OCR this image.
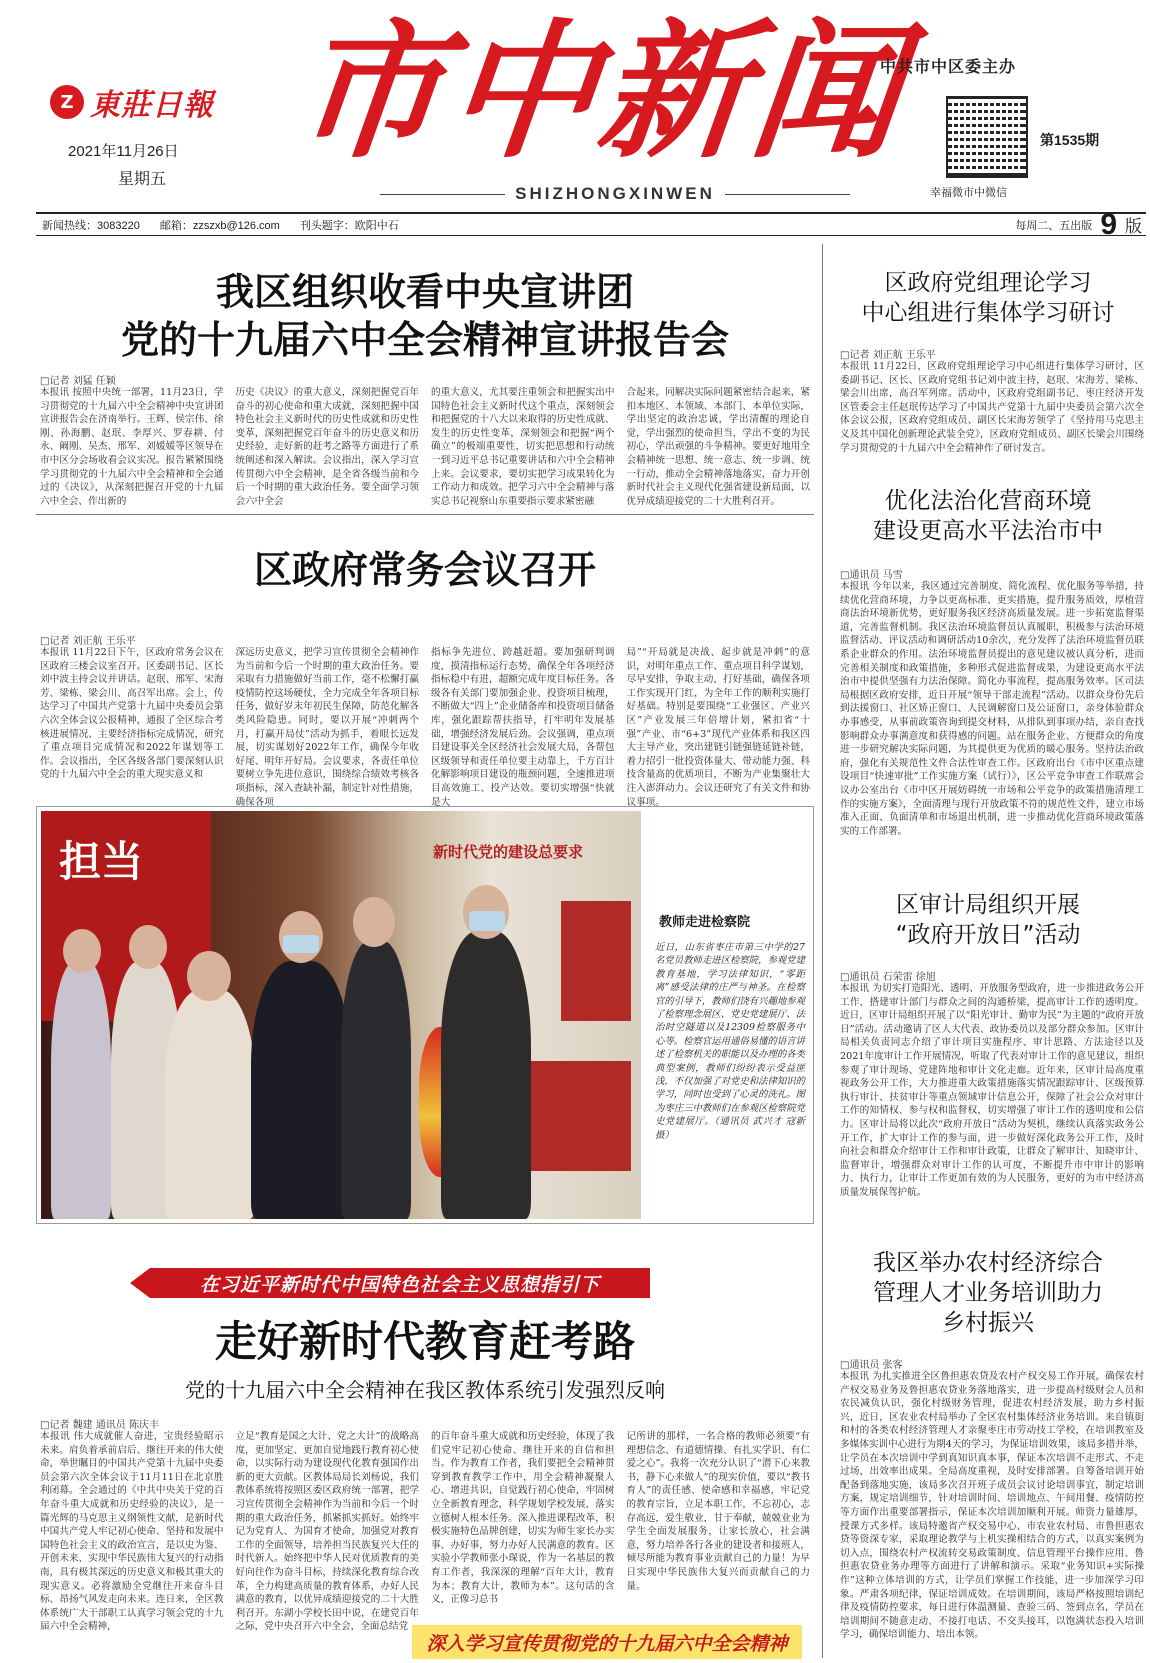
Z 東莊日報
2021年11月26日
星期五
市中新闻
SHIZHONGXINWEN
中共市中区委主办
第1535期
幸福微市中微信
新闻热线：3083220 邮箱：zzszxb@126.com 刊头题字：欧阳中石	每周二、五出版 9 版
我区组织收看中央宣讲团
党的十九届六中全会精神宣讲报告会
□记者 刘猛 任颖
本报讯 按照中央统一部署，11月23日，学习贯彻党的十九届六中全会精神中央宣讲团宣讲报告会在济南举行。王辉、侯宗伟、徐刚、孙海鹏、赵珉、李厚兴、罗春耕、付永、阚刚、吴杰、邢军、刘媛媛等区领导在市中区分会场收看会议实况。报告紧紧围绕学习贯彻党的十九届六中全会精神和全会通过的《决议》，从深刻把握召开党的十九届六中全会、作出新的
历史《决议》的重大意义，深刻把握党百年奋斗的初心使命和重大成就，深刻把握中国特色社会主义新时代的历史性成就和历史性变革，深刻把握党百年奋斗的历史意义和历史经验，走好新的赶考之路等方面进行了系统阐述和深入解读。会议指出，深入学习宣传贯彻六中全会精神，是全省各级当前和今后一个时期的重大政治任务。要全面学习领会六中全会
的重大意义，尤其要注重领会和把握实出中国特色社会主义新时代这个重点，深刻领会和把握党的十八大以来取得的历史性成就、发生的历史性变革，深刻领会和把握“两个确立”的极端重要性，切实把思想和行动统一到习近平总书记重要讲话和六中全会精神上来。会议要求，要切实把学习成果转化为工作动力和成效。把学习六中全会精神与落实总书记视察山东重要指示要求紧密融
合起来，同解决实际问题紧密结合起来，紧扣本地区、本领域、本部门、本单位实际，学出坚定的政治忠诚，学出清醒的理论自觉，学出强烈的使命担当，学出不变的为民初心，学出顽强的斗争精神。要更好地用全会精神统一思想、统一意志、统一步调、统一行动，推动全会精神落地落实，奋力开创新时代社会主义现代化强省建设新局面，以优异成绩迎接党的二十大胜利召开。
区政府常务会议召开
□记者 刘正航 王乐平
本报讯 11月22日下午，区政府常务会议在区政府三楼会议室召开。区委副书记、区长刘中波主持会议并讲话。赵珉、邢军、宋海芳、梁栋、梁会川、高召军出席。会上，传达学习了中国共产党第十九届中央委员会第六次全体会议公报精神，通报了全区综合考核进展情况、主要经济指标完成情况，研究了重点项目完成情况和2022年谋划等工作。会议指出，全区各级各部门要深刻认识党的十九届六中全会的重大现实意义和
深远历史意义，把学习宣传贯彻全会精神作为当前和今后一个时期的重大政治任务。要采取有力措施做好当前工作，毫不松懈打赢疫情防控这场硬仗，全力完成全年各项目标任务，做好岁末年初民生保障，防范化解各类风险隐患。同时，要以开展“冲刺两个月，打赢开局仗”活动为抓手，着眼长远发展，切实谋划好2022年工作，确保今年收好尾、明年开好局。会议要求，各责任单位要树立争先进位意识，围绕综合绩效考核各项指标，深入查缺补漏，制定针对性措施，确保各项
指标争先进位、跨越赶超。要加强研判调度，摸清指标运行态势，确保全年各项经济指标稳中有进，超额完成年度目标任务。各级各有关部门要加强企业、投资项目梳理，不断做大“四上”企业储备库和投资项目储备库，强化跟踪帮扶指导，打牢明年发展基础，增强经济发展后劲。会议强调，重点项目建设事关全区经济社会发展大局，各帮包区级领导和责任单位要主动靠上，千方百计化解影响项目建设的瓶颈问题，全速推进项目高效施工、投产达效。要切实增强“快就是大
局”“开局就是决战、起步就是冲刺”的意识，对明年重点工作、重点项目科学谋划，尽早安排，争取主动，打好基础，确保各项工作实现开门红，为全年工作的顺利实施打好基础。特别是要围绕“工业强区、产业兴区”产业发展三年倍增计划，紧扣省“十强”产业、市“6+3”现代产业体系和我区四大主导产业，突出建链引链强链延链补链，着力招引一批投资体量大、带动能力强、科技含量高的优质项目，不断为产业集聚壮大注入澎湃动力。会议还研究了有关文件和协议事项。
担当	新时代党的建设总要求
教师走进检察院
近日，山东省枣庄市第三中学的27名党员教师走进区检察院，参观党建教育基地，学习法律知识，“零距离”感受法律的庄严与神圣。在检察官的引导下，教师们饶有兴趣地参观了检察理念展区、党史党建展厅、法治时空隧道以及12309检察服务中心等。检察官运用通俗易懂的语言讲述了检察机关的职能以及办理的各类典型案例，教师们纷纷表示受益匪浅，不仅加强了对党史和法律知识的学习，同时也受到了心灵的洗礼。图为枣庄三中教师们在参观区检察院党史党建展厅。（通讯员 武兴才 寇新 摄）
在习近平新时代中国特色社会主义思想指引下
走好新时代教育赶考路
党的十九届六中全会精神在我区教体系统引发强烈反响
□记者 魏建 通讯员 陈庆丰
本报讯 伟大成就催人奋进，宝贵经验昭示未来。肩负着承前启后、继往开来的伟大使命，举世瞩目的中国共产党第十九届中央委员会第六次全体会议于11月11日在北京胜利闭幕。全会通过的《中共中央关于党的百年奋斗重大成就和历史经验的决议》，是一篇光辉的马克思主义纲领性文献，是新时代中国共产党人牢记初心使命、坚持和发展中国特色社会主义的政治宣言，是以史为鉴、开创未来、实现中华民族伟大复兴的行动指南，具有极其深远的历史意义和极其重大的现实意义。必将激励全党继往开来奋斗目标、昂扬气风发走向未来。连日来，全区教体系统广大干部职工认真学习领会党的十九届六中全会精神，
立足“教育是国之大计、党之大计”的战略高度，更加坚定、更加自觉地践行教育初心使命，以实际行动为建设现代化教育强国作出新的更大贡献。区教体局局长刘杨说，我们教体系统将按照区委区政府统一部署，把学习宣传贯彻全会精神作为当前和今后一个时期的重大政治任务，抓紧抓实抓好。始终牢记为党育人、为国育才使命，加强党对教育工作的全面领导，培养担当民族复兴大任的时代新人。始终把中华人民对优质教育的美好向往作为奋斗目标，持续深化教育综合改革，全力构建高质量的教育体系，办好人民满意的教育，以优异成绩迎接党的二十大胜利召开。东湖小学校长田中说，在建党百年之际，党中央召开六中全会，全面总结党
的百年奋斗重大成就和历史经验，体现了我们党牢记初心使命、继往开来的自信和担当。作为教育工作者，我们要把全会精神贯穿到教育教学工作中，用全会精神凝聚人心、增进共识，自觉践行初心使命，牢固树立全新教育理念，科学规划学校发展，落实立德树人根本任务。深入推进课程改革，积极实施特色品牌创建，切实为师生家长办实事、办好事，努力办好人民满意的教育。区实验小学教师张小琛说，作为一名基层的教育工作者，我深深的理解“百年大计，教育为本；教育大计，教师为本”。这句话的含义，正像习总书
记所讲的那样，一名合格的教师必须要“有理想信念、有道德情操、有扎实学识、有仁爱之心”。我将一次充分认识了“潜下心来教书，静下心来做人”的现实价值，要以“教书育人”的责任感、使命感和幸福感，牢记党的教育宗旨，立足本职工作，不忘初心，志存高远，爱生敬业，甘于奉献，兢兢业业为学生全面发展服务，让家长放心，社会满意，努力培养各行各业的建设者和接班人，倾尽所能为教育事业贡献自己的力量！为早日实现中华民族伟大复兴而贡献自己的力量。
深入学习宣传贯彻党的十九届六中全会精神
区政府党组理论学习
中心组进行集体学习研讨
□记者 刘正航 王乐平
本报讯 11月22日，区政府党组理论学习中心组进行集体学习研讨，区委副书记、区长、区政府党组书记刘中波主持，赵珉、宋海芳、梁栋、梁会川出席，高召军列席。活动中，区政府党组副书记、枣庄经济开发区管委会主任赵珉传达学习了中国共产党第十九届中央委员会第六次全体会议公报，区政府党组成员、副区长宋海芳领学了《坚持用马克思主义及其中国化创新理论武装全党》，区政府党组成员、副区长梁会川围绕学习贯彻党的十九届六中全会精神作了研讨发言。
优化法治化营商环境
建设更高水平法治市中
□通讯员 马雪
本报讯 今年以来，我区通过完善制度、简化流程、优化服务等举措，持续优化营商环境，力争以更高标准、更实措施，提升服务质效，厚植营商法治环境新优势，更好服务我区经济高质量发展。进一步拓宽监督渠道，完善监督机制。我区法治环境监督员认真履职，积极参与法治环境监督活动、评议活动和调研活动10余次，充分发挥了法治环境监督员联系企业群众的作用。法治环境监督员提出的意见建议被认真分析，进而完善相关制度和政策措施，多种形式促进监督成果，为建设更高水平法治市中提供坚强有力法治保障。简化办事流程，提高服务效率。区司法局根据区政府安排，近日开展“领导干部走流程”活动。以群众身份先后到法援窗口、社区矫正窗口、人民调解窗口及公证窗口，亲身体验群众办事感受，从事前政策咨询到提交材料，从排队到事项办结，亲自查找影响群众办事满意度和获得感的问题。站在服务企业、方便群众的角度进一步研究解决实际问题，为其提供更为优质的暖心服务。坚持法治政府，强化有关规范性文件合法性审查工作。区政府出台《市中区重点建设项目“快速审批”工作实施方案（试行）》，区公平竞争审查工作联席会议办公室出台《市中区开展妨碍统一市场和公平竞争的政策措施清理工作的实施方案》，全面清理与现行开放政策不符的规范性文件，建立市场准入正面、负面清单和市场退出机制，进一步推动优化营商环境政策落实的工作部署。
区审计局组织开展
“政府开放日”活动
□通讯员 石荣雷 徐旭
本报讯 为切实打造阳光、透明、开放服务型政府，进一步推进政务公开工作，搭建审计部门与群众之间的沟通桥梁，提高审计工作的透明度。近日，区审计局组织开展了以“阳光审计、勤审为民”为主题的“政府开放日”活动。活动邀请了区人大代表、政协委员以及部分群众参加。区审计局相关负责同志介绍了审计项目实施程序、审计思路、方法途径以及2021年度审计工作开展情况，听取了代表对审计工作的意见建议，组织参观了审计现场、党建阵地和审计文化走廊。近年来，区审计局高度重视政务公开工作，大力推进重大政策措施落实情况跟踪审计、区级预算执行审计、扶贫审计等重点领域审计信息公开，保障了社会公众对审计工作的知情权、参与权和监督权，切实增强了审计工作的透明度和公信力。区审计局将以此次“政府开放日”活动为契机，继续认真落实政务公开工作，扩大审计工作的参与面，进一步做好深化政务公开工作，及时向社会和群众介绍审计工作和审计政策，让群众了解审计、知晓审计、监督审计，增强群众对审计工作的认可度，不断提升市中审计的影响力、执行力，让审计工作更加有效的为人民服务，更好的为市中经济高质量发展保驾护航。
我区举办农村经济综合
管理人才业务培训助力
乡村振兴
□通讯员 张客
本报讯 为扎实推进全区鲁担惠农贷及农村产权交易工作开展，确保农村产权交易业务及鲁担惠农贷业务落地落实，进一步提高村级财会人员和农民减负认识，强化村级财务管理，促进农村经济发展，助力乡村振兴，近日，区农业农村局举办了全区农村集体经济业务培训。来自镇街和村的各类农村经济管理人才亲聚枣庄市劳动技工学校，在培训教室及多媒体实训中心进行为期4天的学习，为保证培训效果，该局多措并举，让学员在本次培训中学到真知识真本事，保证本次培训不走形式、不走过场，出效率出成果。全局高度重视，及时安排部署。自筹备培训开始配备到落地实施，该局多次召开班子成员会议讨论培训事宜，制定培训方案，规定培训细节，针对培训时间、培训地点、午间用餐、疫情防控等方面作出重要部署指示，保证本次培训加顺利开展。师资力量雄厚，授课方式多样。该局特邀省产权交易中心、市农业农村局、市鲁担惠农贷等资深专家，采取理论教学与上机实操相结合的方式，以真实案例为切入点，围绕农村产权流转交易政策制度、信息管理平台操作应用、鲁担惠农贷业务办理等方面进行了讲解和演示。采取“业务知识+实际操作”这种立体培训的方式，让学员们掌握工作技能，进一步加深学习印象。严肃各项纪律，保证培训成效。在培训期间，该局严格按照培训纪律及疫情防控要求，每日进行体温测量、查验三码、签到点名，学员在培训期间不随意走动、不接打电话、不交头接耳，以饱满状态投入培训学习，确保培训能力、培出本领。
